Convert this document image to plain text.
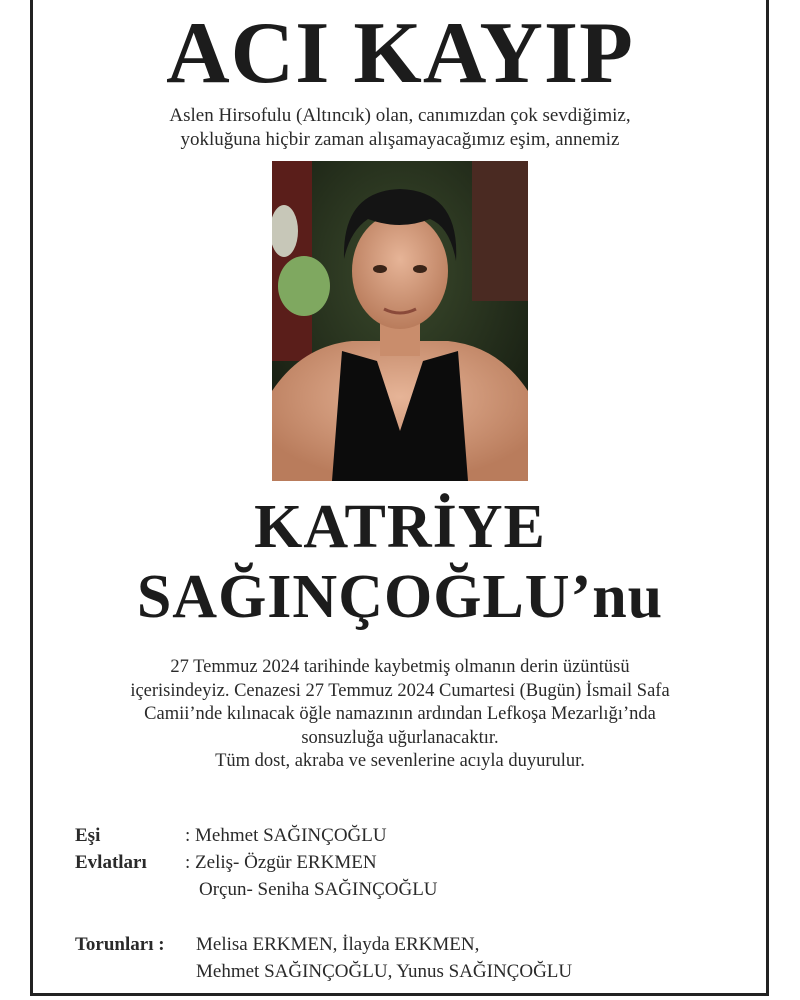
ACI KAYIP
Aslen Hirsofulu (Altıncık) olan, canımızdan çok sevdiğimiz,
yokluğuna hiçbir zaman alışamayacağımız eşim, annemiz
KATRİYE
SAĞINÇOĞLU’nu
27 Temmuz 2024 tarihinde kaybetmiş olmanın derin üzüntüsü
içerisindeyiz. Cenazesi 27 Temmuz 2024 Cumartesi (Bugün) İsmail Safa
Camii’nde kılınacak öğle namazının ardından Lefkoşa Mezarlığı’nda
sonsuzluğa uğurlanacaktır.
Tüm dost, akraba ve sevenlerine acıyla duyurulur.
Eşi	: Mehmet SAĞINÇOĞLU
Evlatları : Zeliş- Özgür ERKMEN
Orçun- Seniha SAĞINÇOĞLU
Torunları : Melisa ERKMEN, İlayda ERKMEN,
Mehmet SAĞINÇOĞLU, Yunus SAĞINÇOĞLU
